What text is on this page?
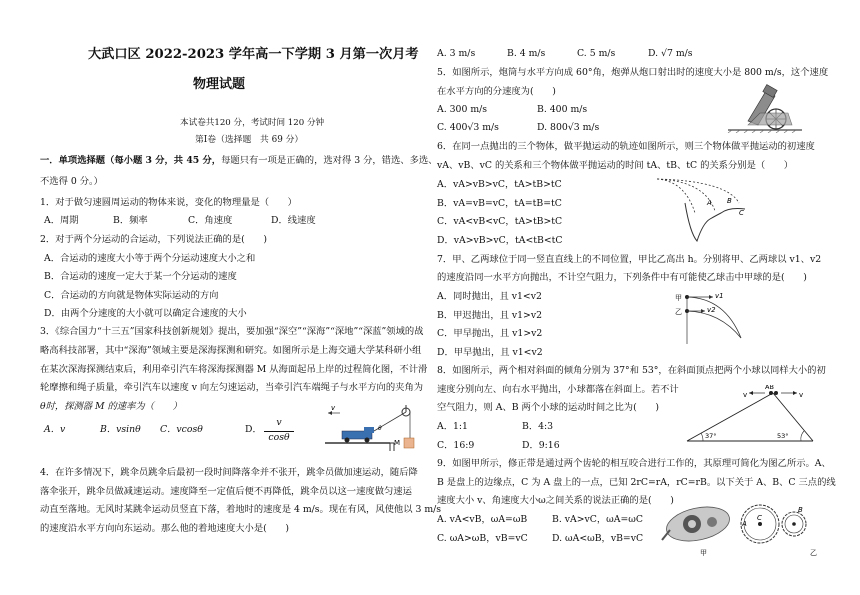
大武口区 2022-2023 学年高一下学期 3 月第一次月考
物理试题
本试卷共120 分，考试时间 120 分钟
第Ⅰ卷（选择题　共 69 分）
一．单项选择题（每小题 3 分，共 45 分，每题只有一项是正确的，选对得 3 分，错选、多选、
不选得 0 分。）
1．对于做匀速圆周运动的物体来说，变化的物理量是（　　）
A．周期	B．频率	C．角速度	D．线速度
2．对于两个分运动的合运动，下列说法正确的是(　　)
A．合运动的速度大小等于两个分运动速度大小之和
B．合运动的速度一定大于某一个分运动的速度
C．合运动的方向就是物体实际运动的方向
D．由两个分速度的大小就可以确定合速度的大小
3．《综合国力“十三五”国家科技创新规划》提出，要加强“深空”“深海”“深地”“深蓝”领域的战
略高科技部署，其中“深海”领域主要是深海探测和研究。如图所示是上海交通大学某科研小组
在某次深海探测结束后，利用牵引汽车将深海探测器 M 从海面起吊上岸的过程简化图，不计滑
轮摩擦和绳子质量，牵引汽车以速度 v 向左匀速运动，当牵引汽车端绳子与水平方向的夹角为
θ时，探测器 M 的速率为（　　）
A．v	B．vsinθ C．vcosθ	D． $\frac{v}{\cos\theta}$
v
θ
M
4．在许多情况下，跳伞员跳伞后最初一段时间降落伞并不张开，跳伞员做加速运动，随后降
落伞张开，跳伞员做减速运动。速度降至一定值后便不再降低，跳伞员以这一速度做匀速运
动直至落地。无风时某跳伞运动员竖直下落，着地时的速度是 4 m/s。现在有风，风使他以 3 m/s
的速度沿水平方向向东运动。那么他的着地速度大小是(　　)
A. 3 m/s	B. 4 m/s	C. 5 m/s	D. √7 m/s
5．如图所示，炮筒与水平方向成 60°角，炮弹从炮口射出时的速度大小是 800 m/s，这个速度
在水平方向的分速度为(　　)
A. 300 m/s	B. 400 m/s
C. 400√3 m/s	D. 800√3 m/s
6．在同一点抛出的三个物体，做平抛运动的轨迹如图所示，则三个物体做平抛运动的初速度
vA、vB、vC 的关系和三个物体做平抛运动的时间 tA、tB、tC 的关系分别是（　　）
A．vA>vB>vC，tA>tB>tC
B．vA=vB=vC，tA=tB=tC
C．vA<vB<vC，tA>tB>tC
D．vA>vB>vC，tA<tB<tC
A B
C
7．甲、乙两球位于同一竖直直线上的不同位置，甲比乙高出 h。分别将甲、乙两球以 v1、v2
的速度沿同一水平方向抛出，不计空气阻力，下列条件中有可能使乙球击中甲球的是(　　)
A．同时抛出，且 v1<v2
B．甲迟抛出，且 v1>v2
C．甲早抛出，且 v1>v2
D．甲早抛出，且 v1<v2
甲
乙
v1
v2
8．如图所示，两个相对斜面的倾角分别为 37°和 53°，在斜面顶点把两个小球以同样大小的初
速度分别向左、向右水平抛出，小球都落在斜面上。若不计
空气阻力，则 A、B 两个小球的运动时间之比为(　　)
A．1:1	B．4:3
C．16:9	D．9:16
AB
v	v
37°	53°
9．如图甲所示，修正带是通过两个齿轮的相互咬合进行工作的，其原理可简化为图乙所示。A、
B 是盘上的边缘点，C 为 A 盘上的一点，已知 2rC=rA，rC=rB。以下关于 A、B、C 三点的线
速度大小 v、角速度大小ω之间关系的说法正确的是(　　)
A. vA<vB，ωA=ωB	B. vA>vC，ωA=ωC
C. ωA>ωB，vB=vC	D. ωA<ωB，vB=vC
A
C
B
甲	乙
